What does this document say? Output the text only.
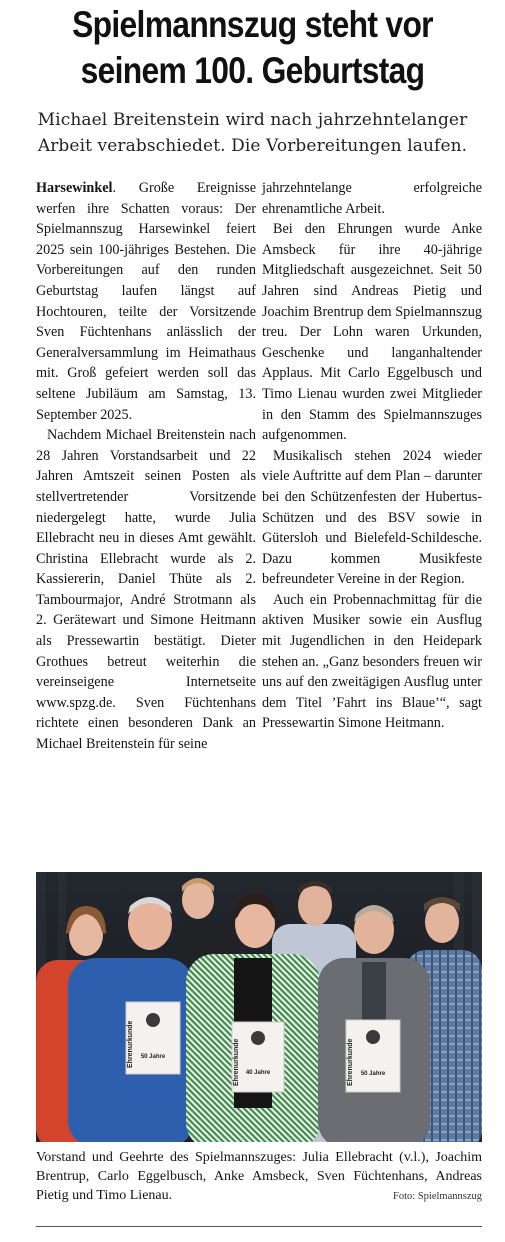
Spielmannszug steht vor
seinem 100. Geburtstag
Michael Breitenstein wird nach jahrzehntelanger
Arbeit verabschiedet. Die Vorbereitungen laufen.

Harsewinkel. Große Ereignisse werfen ihre Schatten voraus: Der Spielmannszug Harsewinkel feiert 2025 sein 100-jähriges Bestehen. Die Vorbereitungen auf den runden Geburtstag laufen längst auf Hochtouren, teilte der Vorsitzende Sven Füchtenhans anlässlich der Generalversammlung im Heimathaus mit. Groß gefeiert werden soll das seltene Jubiläum am Samstag, 13. September 2025.

Nachdem Michael Breitenstein nach 28 Jahren Vorstandsarbeit und 22 Jahren Amtszeit seinen Posten als stellvertretender Vorsitzende niedergelegt hatte, wurde Julia Ellebracht neu in dieses Amt gewählt. Christina Ellebracht wurde als 2. Kassiererin, Daniel Thüte als 2. Tambourmajor, André Strotmann als 2. Gerätewart und Simone Heitmann als Pressewartin bestätigt. Dieter Grothues betreut weiterhin die vereinseigene Internetseite www.spzg.de. Sven Füchtenhans richtete einen besonderen Dank an Michael Breitenstein für seine

jahrzehntelange erfolgreiche ehrenamtliche Arbeit.

Bei den Ehrungen wurde Anke Amsbeck für ihre 40-jährige Mitgliedschaft ausgezeichnet. Seit 50 Jahren sind Andreas Pietig und Joachim Brentrup dem Spielmannszug treu. Der Lohn waren Urkunden, Geschenke und langanhaltender Applaus. Mit Carlo Eggelbusch und Timo Lienau wurden zwei Mitglieder in den Stamm des Spielmannszuges aufgenommen.

Musikalisch stehen 2024 wieder viele Auftritte auf dem Plan – darunter bei den Schützenfesten der Hubertus-Schützen und des BSV sowie in Gütersloh und Bielefeld-Schildesche. Dazu kommen Musikfeste befreundeter Vereine in der Region.

Auch ein Probennachmittag für die aktiven Musiker sowie ein Ausflug mit Jugendlichen in den Heidepark stehen an. „Ganz besonders freuen wir uns auf den zweitägigen Ausflug unter dem Titel ’Fahrt ins Blaue’“, sagt Pressewartin Simone Heitmann.

50 Jahre
Ehrenurkunde
40 Jahre
Ehrenurkunde	50 Jahre
Ehrenurkunde
Vorstand und Geehrte des Spielmannszuges: Julia Ellebracht (v.l.), Joachim Brentrup, Carlo Eggelbusch, Anke Amsbeck, Sven Füchtenhans, Andreas Pietig und Timo Lienau.	Foto: Spielmannszug
